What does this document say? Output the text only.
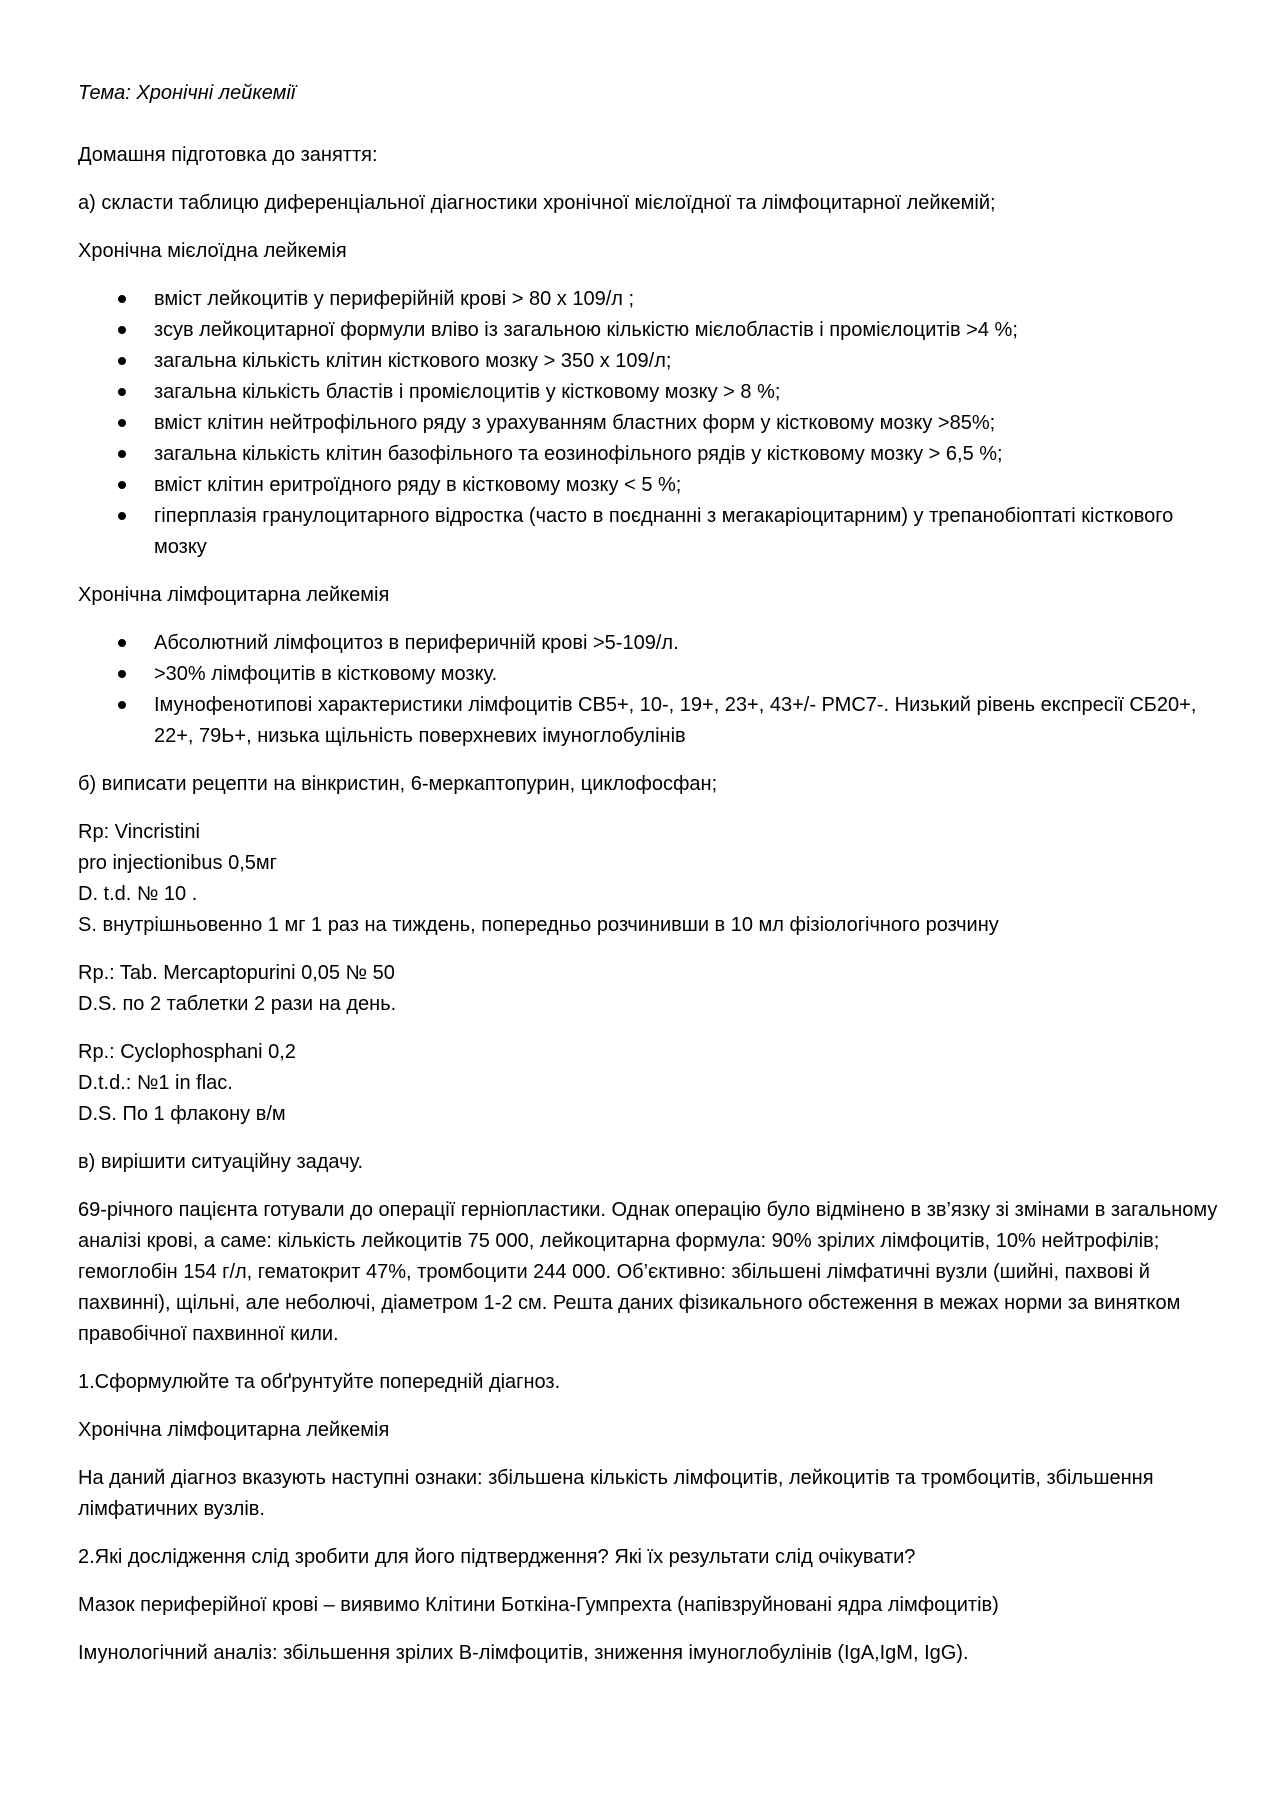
Тема: Хронічні лейкемії

Домашня підготовка до заняття:

а) скласти таблицю диференціальної діагностики хронічної мієлоїдної та лімфоцитарної лейкемій;

Хронічна мієлоїдна лейкемія

вміст лейкоцитів у периферійній крові > 80 х 109/л ;
зсув лейкоцитарної формули вліво із загальною кількістю мієлобластів і промієлоцитів >4 %;
загальна кількість клітин кісткового мозку > 350 х 109/л;
загальна кількість бластів і промієлоцитів у кістковому мозку > 8 %;
вміст клітин нейтрофільного ряду з урахуванням бластних форм у кістковому мозку >85%;
загальна кількість клітин базофільного та еозинофільного рядів у кістковому мозку > 6,5 %;
вміст клітин еритроїдного ряду в кістковому мозку < 5 %;
гіперплазія гранулоцитарного відростка (часто в поєднанні з мегакаріоцитарним) у трепанобіоптаті кісткового мозку

Хронічна лімфоцитарна лейкемія

Абсолютний лімфоцитоз в периферичній крові >5-109/л.
>30% лімфоцитів в кістковому мозку.
Імунофенотипові характеристики лімфоцитів СВ5+, 10-, 19+, 23+, 43+/- РМС7-. Низький рівень експресії СБ20+, 22+, 79Ь+, низька щільність поверхневих імуноглобулінів

б) виписати рецепти на вінкристин, 6-меркаптопурин, циклофосфан;

Rp: Vincristini
pro injectionibus 0,5мг
D. t.d. № 10 .
S. внутрішньовенно 1 мг 1 раз на тиждень, попередньо розчинивши в 10 мл фізіологічного розчину
Rp.: Tab. Mercaptopurini 0,05 № 50
D.S. по 2 таблетки 2 рази на день.
Rp.: Cyclophosphani 0,2
D.t.d.: №1 in flac.
D.S. По 1 флакону в/м

в) вирішити ситуаційну задачу.

69-річного пацієнта готували до операції герніопластики. Однак операцію було відмінено в зв’язку зі змінами в загальному аналізі крові, а саме: кількість лейкоцитів 75 000, лейкоцитарна формула: 90% зрілих лімфоцитів, 10% нейтрофілів; гемоглобін 154 г/л, гематокрит 47%, тромбоцити 244 000. Об’єктивно: збільшені лімфатичні вузли (шийні, пахвові й пахвинні), щільні, але неболючі, діаметром 1-2 см. Решта даних фізикального обстеження в межах норми за винятком правобічної пахвинної кили.

1.Сформулюйте та обґрунтуйте попередній діагноз.

Хронічна лімфоцитарна лейкемія

На даний діагноз вказують наступні ознаки: збільшена кількість лімфоцитів, лейкоцитів та тромбоцитів, збільшення лімфатичних вузлів.

2.Які дослідження слід зробити для його підтвердження? Які їх результати слід очікувати?

Мазок периферійної крові – виявимо Клітини Боткіна-Гумпрехта (напівзруйновані ядра лімфоцитів)

Імунологічний аналіз: збільшення зрілих В-лімфоцитів, зниження імуноглобулінів (IgA,IgM, IgG).
